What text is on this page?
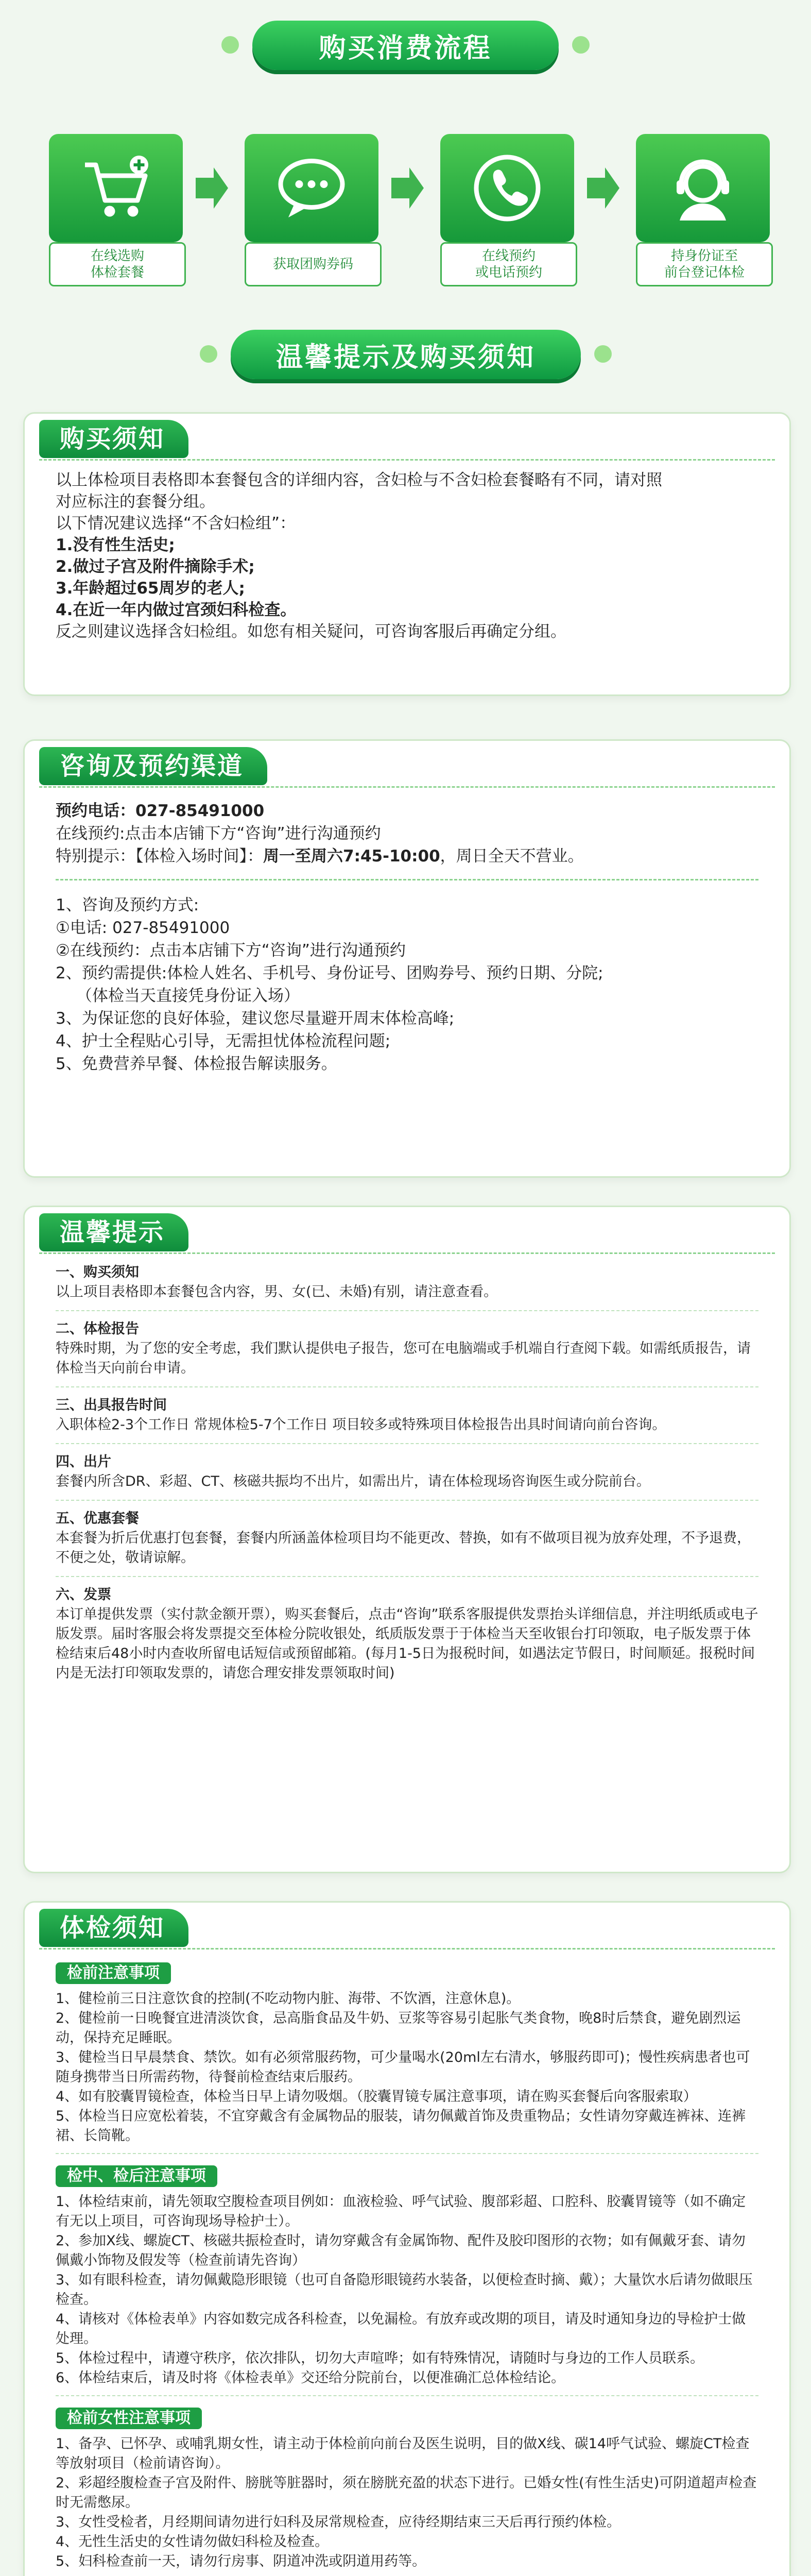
购买消费流程
在线选购
体检套餐
获取团购券码
在线预约
或电话预约
持身份证至
前台登记体检
温馨提示及购买须知
购买须知

以上体检项目表格即本套餐包含的详细内容，含妇检与不含妇检套餐略有不同，请对照

对应标注的套餐分组。

以下情况建议选择“不含妇检组”：

1.没有性生活史;

2.做过子宫及附件摘除手术;

3.年龄超过65周岁的老人;

4.在近一年内做过宫颈妇科检查。

反之则建议选择含妇检组。如您有相关疑问，可咨询客服后再确定分组。

咨询及预约渠道

预约电话：027-85491000

在线预约:点击本店铺下方“咨询”进行沟通预约

特别提示：【体检入场时间】：周一至周六7:45-10:00，周日全天不营业。

1、咨询及预约方式:

①电话: 027-85491000

②在线预约：点击本店铺下方“咨询”进行沟通预约

2、预约需提供:体检人姓名、手机号、身份证号、团购券号、预约日期、分院;

（体检当天直接凭身份证入场）

3、为保证您的良好体验，建议您尽量避开周末体检高峰;

4、护士全程贴心引导，无需担忧体检流程问题;

5、免费营养早餐、体检报告解读服务。

温馨提示

一、购买须知

以上项目表格即本套餐包含内容，男、女(已、未婚)有别，请注意查看。

二、体检报告

特殊时期，为了您的安全考虑，我们默认提供电子报告，您可在电脑端或手机端自行查阅下载。如需纸质报告，请体检当天向前台申请。

三、出具报告时间

入职体检2-3个工作日 常规体检5-7个工作日 项目较多或特殊项目体检报告出具时间请向前台咨询。

四、出片

套餐内所含DR、彩超、CT、核磁共振均不出片，如需出片，请在体检现场咨询医生或分院前台。

五、优惠套餐

本套餐为折后优惠打包套餐，套餐内所涵盖体检项目均不能更改、替换，如有不做项目视为放弃处理，不予退费，不便之处，敬请谅解。

六、发票

本订单提供发票（实付款金额开票），购买套餐后，点击“咨询”联系客服提供发票抬头详细信息，并注明纸质或电子版发票。届时客服会将发票提交至体检分院收银处，纸质版发票于于体检当天至收银台打印领取，电子版发票于体检结束后48小时内查收所留电话短信或预留邮箱。(每月1-5日为报税时间，如遇法定节假日，时间顺延。报税时间内是无法打印领取发票的，请您合理安排发票领取时间)

体检须知
检前注意事项

1、健检前三日注意饮食的控制(不吃动物内脏、海带、不饮酒，注意休息)。

2、健检前一日晚餐宜进清淡饮食，忌高脂食品及牛奶、豆浆等容易引起胀气类食物，晚8时后禁食，避免剧烈运动，保持充足睡眠。

3、健检当日早晨禁食、禁饮。如有必须常服药物，可少量喝水(20ml左右清水，够服药即可)；慢性疾病患者也可随身携带当日所需药物，待餐前检查结束后服药。

4、如有胶囊胃镜检查，体检当日早上请勿吸烟。（胶囊胃镜专属注意事项，请在购买套餐后向客服索取）

5、体检当日应宽松着装，不宜穿戴含有金属物品的服装，请勿佩戴首饰及贵重物品；女性请勿穿戴连裤袜、连裤裙、长筒靴。

检中、检后注意事项

1、体检结束前，请先领取空腹检查项目例如：血液检验、呼气试验、腹部彩超、口腔科、胶囊胃镜等（如不确定有无以上项目，可咨询现场导检护士）。

2、参加X线、螺旋CT、核磁共振检查时，请勿穿戴含有金属饰物、配件及胶印图形的衣物；如有佩戴牙套、请勿佩戴小饰物及假发等（检查前请先咨询）

3、如有眼科检查，请勿佩戴隐形眼镜（也可自备隐形眼镜药水装备，以便检查时摘、戴）；大量饮水后请勿做眼压检查。

4、请核对《体检表单》内容如数完成各科检查，以免漏检。有放弃或改期的项目，请及时通知身边的导检护士做处理。

5、体检过程中，请遵守秩序，依次排队，切勿大声喧哗；如有特殊情况，请随时与身边的工作人员联系。

6、体检结束后，请及时将《体检表单》交还给分院前台，以便准确汇总体检结论。

检前女性注意事项

1、备孕、已怀孕、或哺乳期女性，请主动于体检前向前台及医生说明，目的做X线、碳14呼气试验、螺旋CT检查等放射项目（检前请咨询）。

2、彩超经腹检查子宫及附件、膀胱等脏器时，须在膀胱充盈的状态下进行。已婚女性(有性生活史)可阴道超声检查时无需憋尿。

3、女性受检者，月经期间请勿进行妇科及尿常规检查，应待经期结束三天后再行预约体检。

4、无性生活史的女性请勿做妇科检及检查。

5、妇科检查前一天，请勿行房事、阴道冲洗或阴道用药等。
